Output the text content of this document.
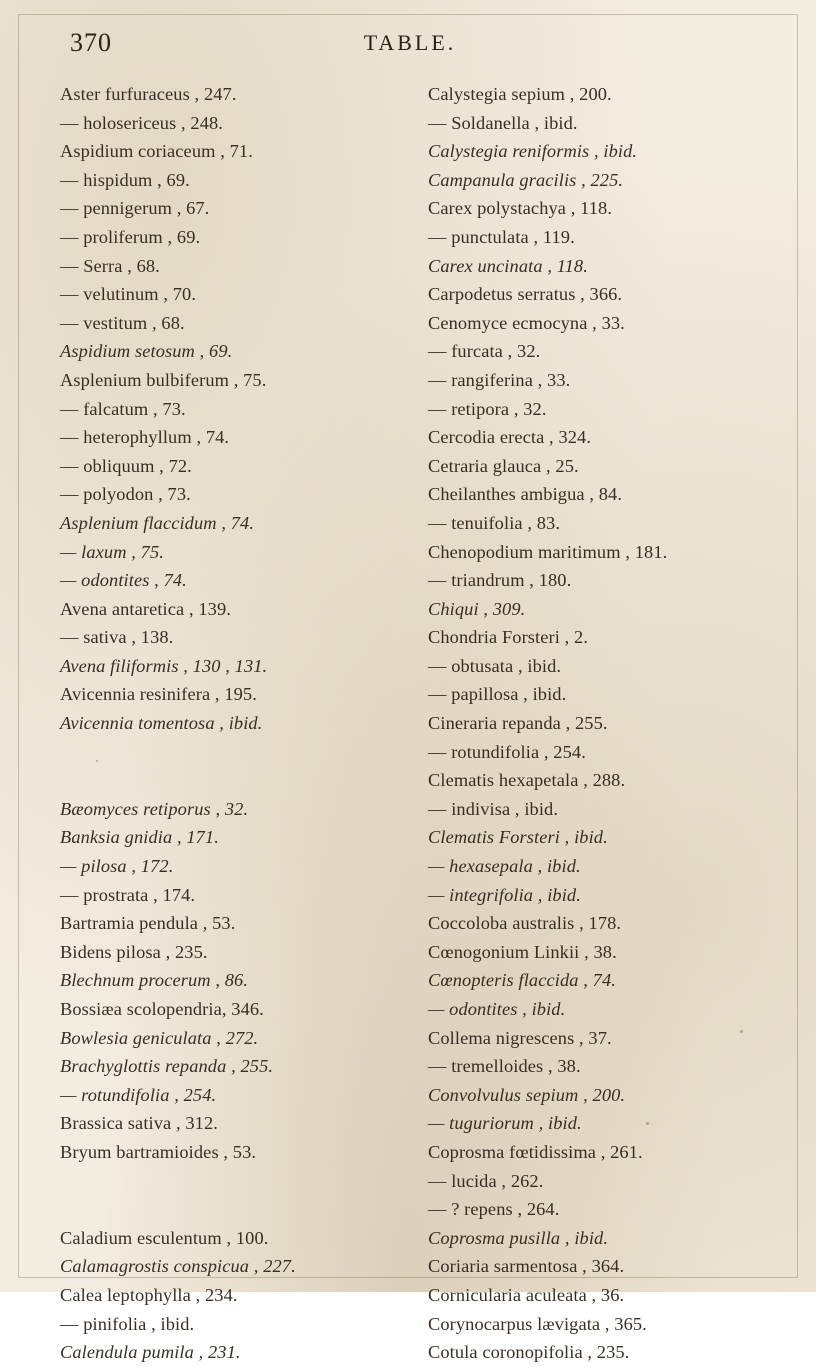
370	TABLE.
Aster furfuraceus , 247.
— holosericeus , 248.
Aspidium coriaceum , 71.
— hispidum , 69.
— pennigerum , 67.
— proliferum , 69.
— Serra , 68.
— velutinum , 70.
— vestitum , 68.
Aspidium setosum , 69.
Asplenium bulbiferum , 75.
— falcatum , 73.
— heterophyllum , 74.
— obliquum , 72.
— polyodon , 73.
Asplenium flaccidum , 74.
— laxum , 75.
— odontites , 74.
Avena antaretica , 139.
— sativa , 138.
Avena filiformis , 130 , 131.
Avicennia resinifera , 195.
Avicennia tomentosa , ibid.
Bæomyces retiporus , 32.
Banksia gnidia , 171.
— pilosa , 172.
— prostrata , 174.
Bartramia pendula , 53.
Bidens pilosa , 235.
Blechnum procerum , 86.
Bossiæa scolopendria, 346.
Bowlesia geniculata , 272.
Brachyglottis repanda , 255.
— rotundifolia , 254.
Brassica sativa , 312.
Bryum bartramioides , 53.
Caladium esculentum , 100.
Calamagrostis conspicua , 227.
Calea leptophylla , 234.
— pinifolia , ibid.
Calendula pumila , 231.
Calystegia sepium , 200.
— Soldanella , ibid.
Calystegia reniformis , ibid.
Campanula gracilis , 225.
Carex polystachya , 118.
— punctulata , 119.
Carex uncinata , 118.
Carpodetus serratus , 366.
Cenomyce ecmocyna , 33.
— furcata , 32.
— rangiferina , 33.
— retipora , 32.
Cercodia erecta , 324.
Cetraria glauca , 25.
Cheilanthes ambigua , 84.
— tenuifolia , 83.
Chenopodium maritimum , 181.
— triandrum , 180.
Chiqui , 309.
Chondria Forsteri , 2.
— obtusata , ibid.
— papillosa , ibid.
Cineraria repanda , 255.
— rotundifolia , 254.
Clematis hexapetala , 288.
— indivisa , ibid.
Clematis Forsteri , ibid.
— hexasepala , ibid.
— integrifolia , ibid.
Coccoloba australis , 178.
Cœnogonium Linkii , 38.
Cœnopteris flaccida , 74.
— odontites , ibid.
Collema nigrescens , 37.
— tremelloides , 38.
Convolvulus sepium , 200.
— tuguriorum , ibid.
Coprosma fœtidissima , 261.
— lucida , 262.
— ? repens , 264.
Coprosma pusilla , ibid.
Coriaria sarmentosa , 364.
Cornicularia aculeata , 36.
Corynocarpus lævigata , 365.
Cotula coronopifolia , 235.
